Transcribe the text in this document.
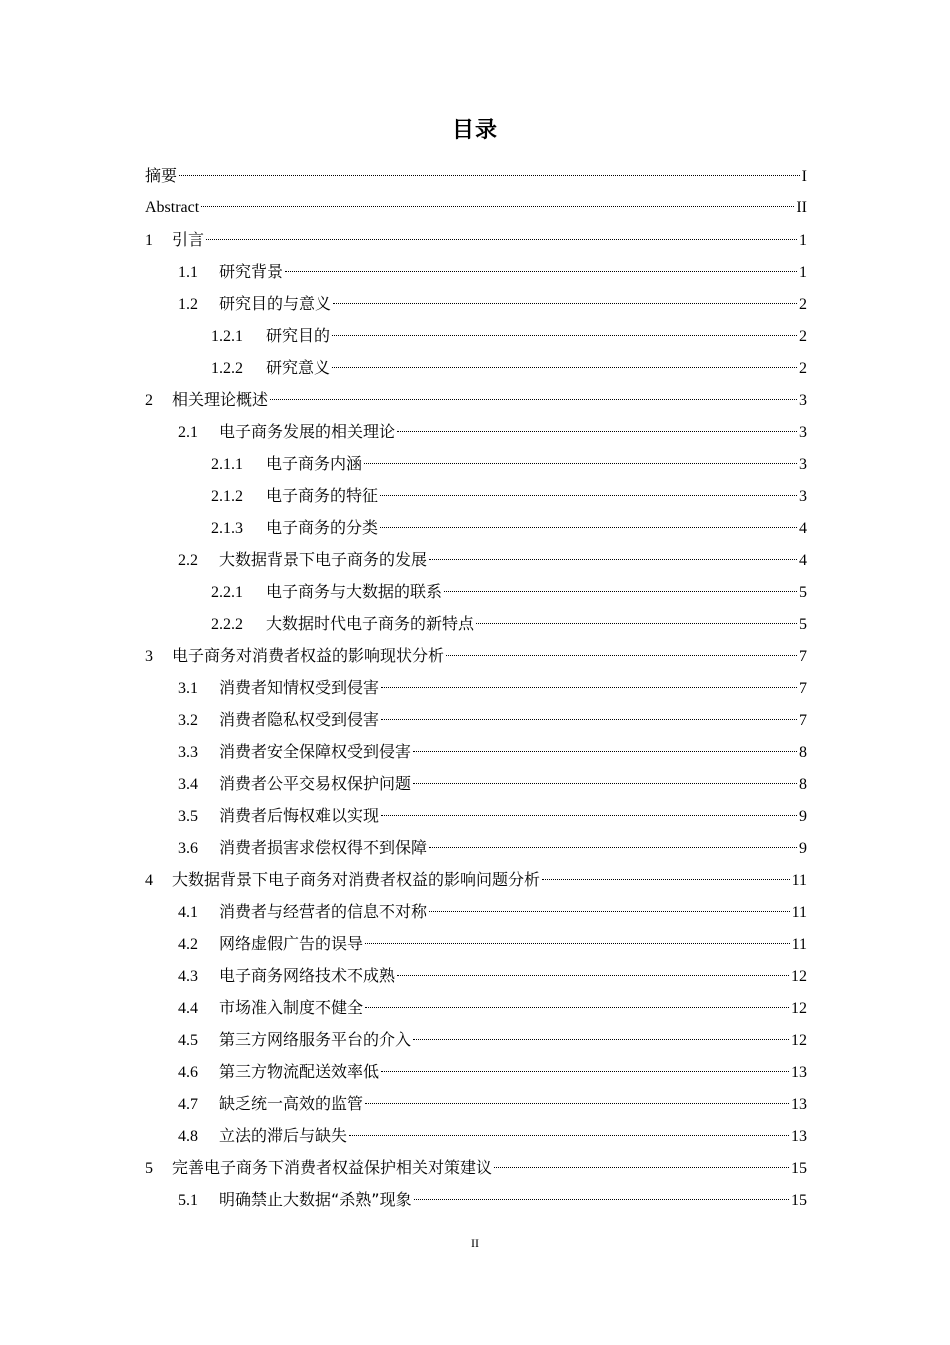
目录
摘要	I
Abstract	II
1	引言	1
1.1	研究背景	1
1.2	研究目的与意义	2
1.2.1	研究目的	2
1.2.2	研究意义	2
2	相关理论概述	3
2.1	电子商务发展的相关理论	3
2.1.1	电子商务内涵	3
2.1.2	电子商务的特征	3
2.1.3	电子商务的分类	4
2.2	大数据背景下电子商务的发展	4
2.2.1	电子商务与大数据的联系	5
2.2.2	大数据时代电子商务的新特点	5
3	电子商务对消费者权益的影响现状分析	7
3.1	消费者知情权受到侵害	7
3.2	消费者隐私权受到侵害	7
3.3	消费者安全保障权受到侵害	8
3.4	消费者公平交易权保护问题	8
3.5	消费者后悔权难以实现	9
3.6	消费者损害求偿权得不到保障	9
4	大数据背景下电子商务对消费者权益的影响问题分析	11
4.1	消费者与经营者的信息不对称	11
4.2	网络虚假广告的误导	11
4.3	电子商务网络技术不成熟	12
4.4	市场准入制度不健全	12
4.5	第三方网络服务平台的介入	12
4.6	第三方物流配送效率低	13
4.7	缺乏统一高效的监管	13
4.8	立法的滞后与缺失	13
5	完善电子商务下消费者权益保护相关对策建议	15
5.1	明确禁止大数据“杀熟”现象	15
II
